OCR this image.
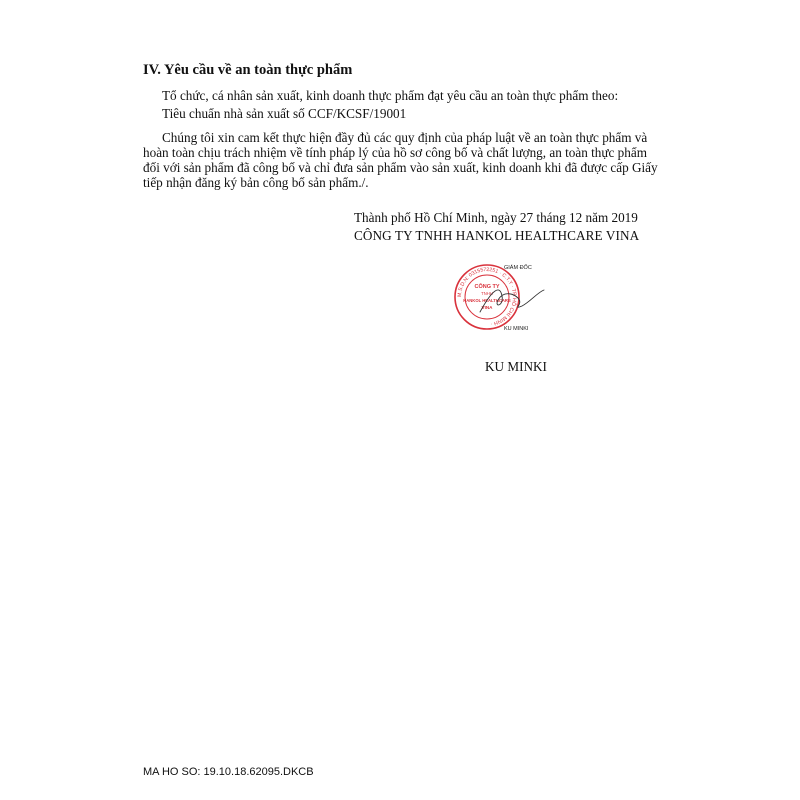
IV. Yêu cầu về an toàn thực phẩm
Tổ chức, cá nhân sản xuất, kinh doanh thực phẩm đạt yêu cầu an toàn thực phẩm theo:
Tiêu chuẩn nhà sản xuất số CCF/KCSF/19001
Chúng tôi xin cam kết thực hiện đầy đủ các quy định của pháp luật về an toàn thực phẩm và
hoàn toàn chịu trách nhiệm về tính pháp lý của hồ sơ công bố và chất lượng, an toàn thực phẩm
đối với sản phẩm đã công bố và chỉ đưa sản phẩm vào sản xuất, kinh doanh khi đã được cấp Giấy
tiếp nhận đăng ký bản công bố sản phẩm./.
Thành phố Hồ Chí Minh, ngày 27 tháng 12 năm 2019
CÔNG TY TNHH HANKOL HEALTHCARE VINA
M.S.D.N: 0315572251 · C.T.Y · TP. HỒ CHÍ MINH ·
CÔNG TY
TNHH
HANKOL HEALTHCARE
VINA
GIÁM ĐỐC
KU MINKI
KU MINKI
MA HO SO: 19.10.18.62095.DKCB
